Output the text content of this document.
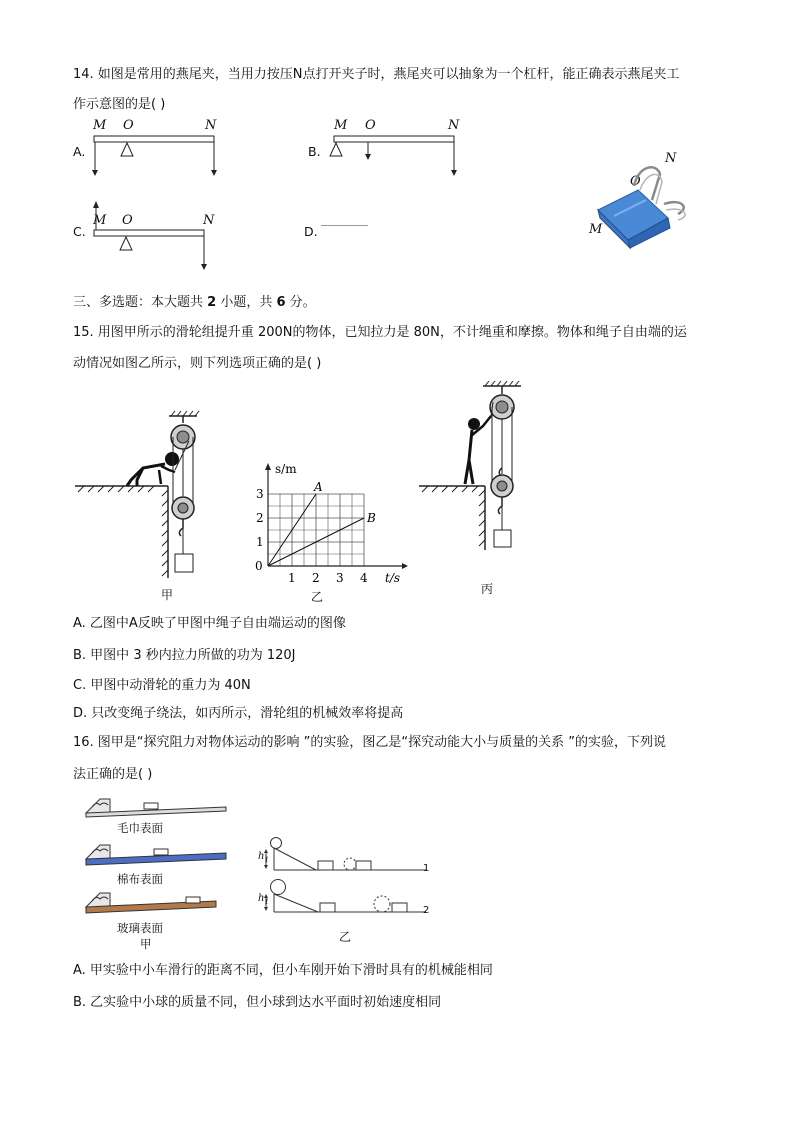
14. 如图是常用的燕尾夹，当用力按压N点打开夹子时，燕尾夹可以抽象为一个杠杆，能正确表示燕尾夹工
作示意图的是( )
A.
M O	N
B.
M O	N
C.
M O	N
D.
N
O
M
三、多选题：本大题共 2 小题，共 6 分。
15. 用图甲所示的滑轮组提升重 200N的物体，已知拉力是 80N，不计绳重和摩擦。物体和绳子自由端的运
动情况如图乙所示，则下列选项正确的是( )
甲
s/m
t/s
0
1
2
3
1 2 3 4
A
B
乙
丙
A. 乙图中A反映了甲图中绳子自由端运动的图像
B. 甲图中 3 秒内拉力所做的功为 120J
C. 甲图中动滑轮的重力为 40N
D. 只改变绳子绕法，如丙所示，滑轮组的机械效率将提高
16. 图甲是“探究阻力对物体运动的影响 ”的实验，图乙是“探究动能大小与质量的关系 ”的实验，下列说
法正确的是( )
毛巾表面
棉布表面
玻璃表面
甲
$h_1$
$h_1$
1
2
乙
A. 甲实验中小车滑行的距离不同，但小车刚开始下滑时具有的机械能相同
B. 乙实验中小球的质量不同，但小球到达水平面时初始速度相同
